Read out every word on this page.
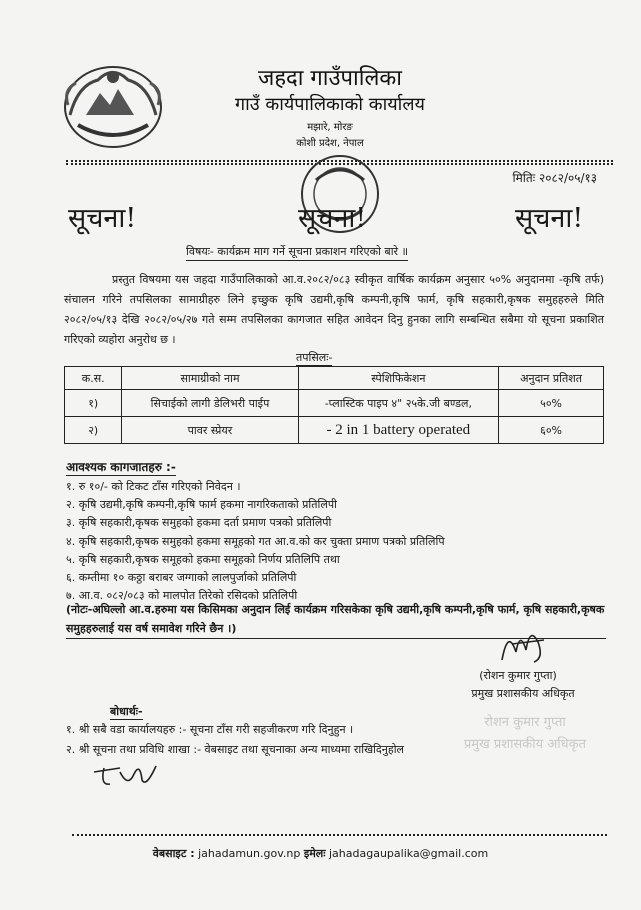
जहदा गाउँपालिका
गाउँ कार्यपालिकाको कार्यालय
मझारे, मोरङ
कोशी प्रदेश, नेपाल
मितिः २०८२/०५/१३
सूचना!	सूचना!	सूचना!
विषयः- कार्यक्रम माग गर्ने सूचना प्रकाशन गरिएको बारे ॥
प्रस्तुत विषयमा यस जहदा गाउँपालिकाको आ.व.२०८२/०८३ स्वीकृत वार्षिक कार्यक्रम अनुसार ५०% अनुदानमा -कृषि तर्फ) संचालन गरिने तपसिलका सामाग्रीहरु लिने इच्छुक कृषि उद्यमी,कृषि कम्पनी,कृषि फार्म, कृषि सहकारी,कृषक समुहहरुले मिति २०८२/०५/१३ देखि २०८२/०५/२७ गते सम्म तपसिलका कागजात सहित आवेदन दिनु हुनका लागि सम्बन्धित सबैमा यो सूचना प्रकाशित गरिएको व्यहोरा अनुरोध छ ।
तपसिलः-
क.स.	सामाग्रीको नाम	स्पेशिफिकेशन	अनुदान प्रतिशत
१)	सिचाईको लागी डेलिभरी पाईप	-प्लास्टिक पाइप ४" २५के.जी बण्डल,	५०%
२)	पावर स्प्रेयर	- 2 in 1 battery operated	६०%
आवश्यक कागजातहरु :-
१. रु १०/- को टिकट टाँस गरिएको निवेदन ।
२. कृषि उद्यमी,कृषि कम्पनी,कृषि फार्म हकमा नागरिकताको प्रतिलिपी
३. कृषि सहकारी,कृषक समुहको हकमा दर्ता प्रमाण पत्रको प्रतिलिपी
४. कृषि सहकारी,कृषक समुहको हकमा समूहको गत आ.व.को कर चुक्ता प्रमाण पत्रको प्रतिलिपि
५. कृषि सहकारी,कृषक समूहको हकमा समूहको निर्णय प्रतिलिपि तथा
६. कम्तीमा १० कठ्ठा बराबर जग्गाको लालपुर्जाको प्रतिलिपी
७. आ.व. ०८२/०८३ को मालपोत तिरेको रसिदको प्रतिलिपी
(नोटः-अघिल्लो आ.व.हरुमा यस किसिमका अनुदान लिई कार्यक्रम गरिसकेका कृषि उद्यमी,कृषि कम्पनी,कृषि फार्म, कृषि सहकारी,कृषक समुहहरुलाई यस वर्ष समावेश गरिने छैन ।)
(रोशन कुमार गुप्ता)
प्रमुख प्रशासकीय अधिकृत
रोशन कुमार गुप्ता
प्रमुख प्रशासकीय अधिकृत
बोधार्थः-
१. श्री सबै वडा कार्यालयहरु :- सूचना टाँस गरी सहजीकरण गरि दिनुहुन ।
२. श्री सूचना तथा प्रविधि शाखा :- वेबसाइट तथा सूचनाका अन्य माध्यमा राखिदिनुहोल
वेबसाइट : jahadamun.gov.np इमेलः jahadagaupalika@gmail.com
